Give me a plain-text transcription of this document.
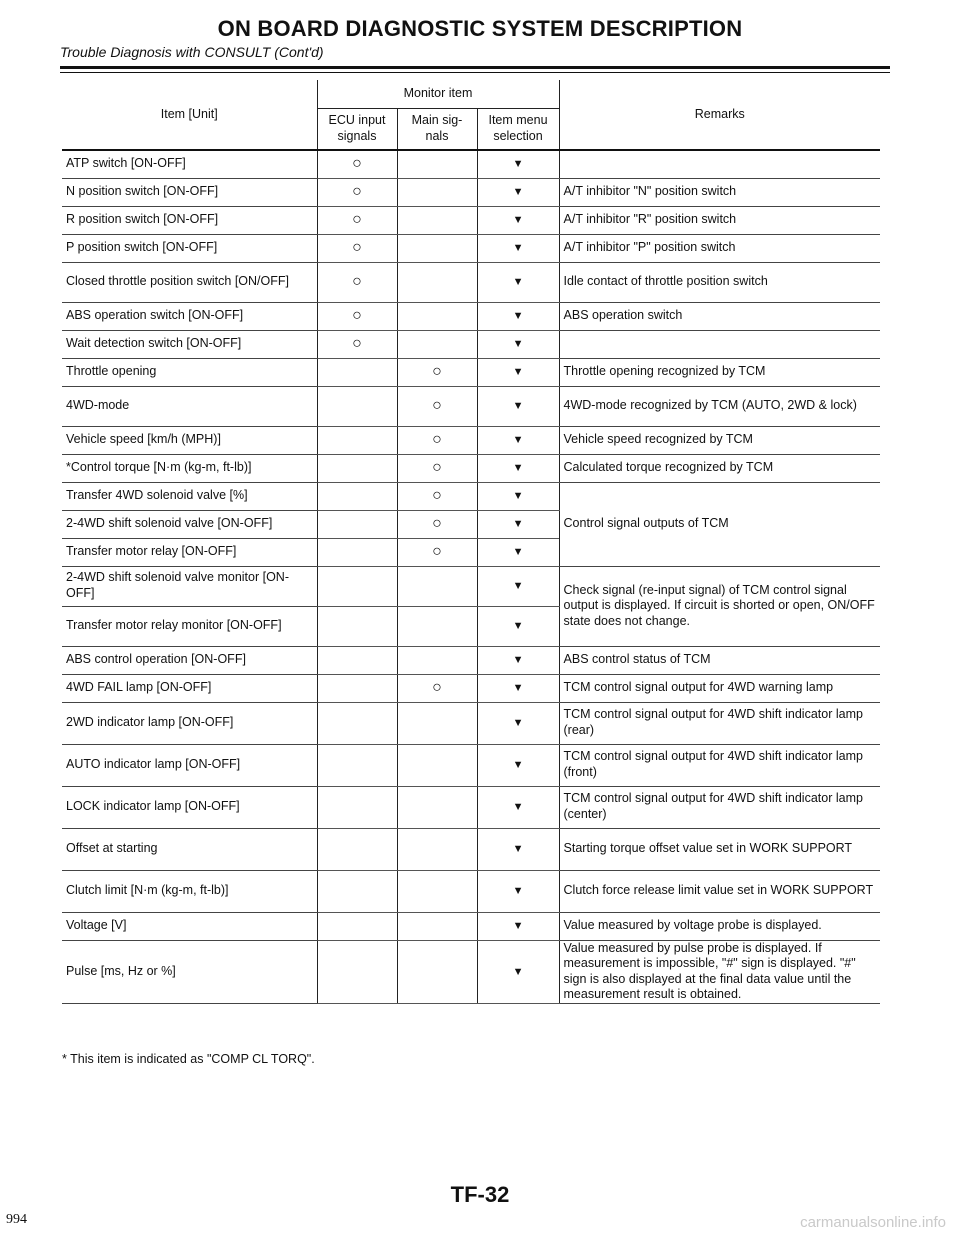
ON BOARD DIAGNOSTIC SYSTEM DESCRIPTION
Trouble Diagnosis with CONSULT (Cont'd)
Item [Unit]	Monitor item			Remarks
	ECU input signals	Main sig- nals	Item menu selection	
ATP switch [ON-OFF]	○		▼	
N position switch [ON-OFF]	○		▼	A/T inhibitor "N" position switch
R position switch [ON-OFF]	○		▼	A/T inhibitor "R" position switch
P position switch [ON-OFF]	○		▼	A/T inhibitor "P" position switch
Closed throttle position switch [ON/OFF]	○		▼	Idle contact of throttle position switch
ABS operation switch [ON-OFF]	○		▼	ABS operation switch
Wait detection switch [ON-OFF]	○		▼	
Throttle opening		○	▼	Throttle opening recognized by TCM
4WD-mode		○	▼	4WD-mode recognized by TCM (AUTO, 2WD & lock)
Vehicle speed [km/h (MPH)]		○	▼	Vehicle speed recognized by TCM
*Control torque [N·m (kg-m, ft-lb)]		○	▼	Calculated torque recognized by TCM
Transfer 4WD solenoid valve [%]		○	▼	Control signal outputs of TCM
2-4WD shift solenoid valve [ON-OFF]		○	▼	
Transfer motor relay [ON-OFF]		○	▼	
2-4WD shift solenoid valve monitor [ON-OFF]			▼	Check signal (re-input signal) of TCM control signal output is displayed. If circuit is shorted or open, ON/OFF state does not change.
Transfer motor relay monitor [ON-OFF]			▼	
ABS control operation [ON-OFF]			▼	ABS control status of TCM
4WD FAIL lamp [ON-OFF]		○	▼	TCM control signal output for 4WD warning lamp
2WD indicator lamp [ON-OFF]			▼	TCM control signal output for 4WD shift indicator lamp (rear)
AUTO indicator lamp [ON-OFF]			▼	TCM control signal output for 4WD shift indicator lamp (front)
LOCK indicator lamp [ON-OFF]			▼	TCM control signal output for 4WD shift indicator lamp (center)
Offset at starting			▼	Starting torque offset value set in WORK SUPPORT
Clutch limit [N·m (kg-m, ft-lb)]			▼	Clutch force release limit value set in WORK SUPPORT
Voltage [V]			▼	Value measured by voltage probe is displayed.
Pulse [ms, Hz or %]			▼	Value measured by pulse probe is displayed. If measurement is impossible, "#" sign is displayed. "#" sign is also displayed at the final data value until the measurement result is obtained.
* This item is indicated as "COMP CL TORQ".
TF-32
994	carmanualsonline.info
